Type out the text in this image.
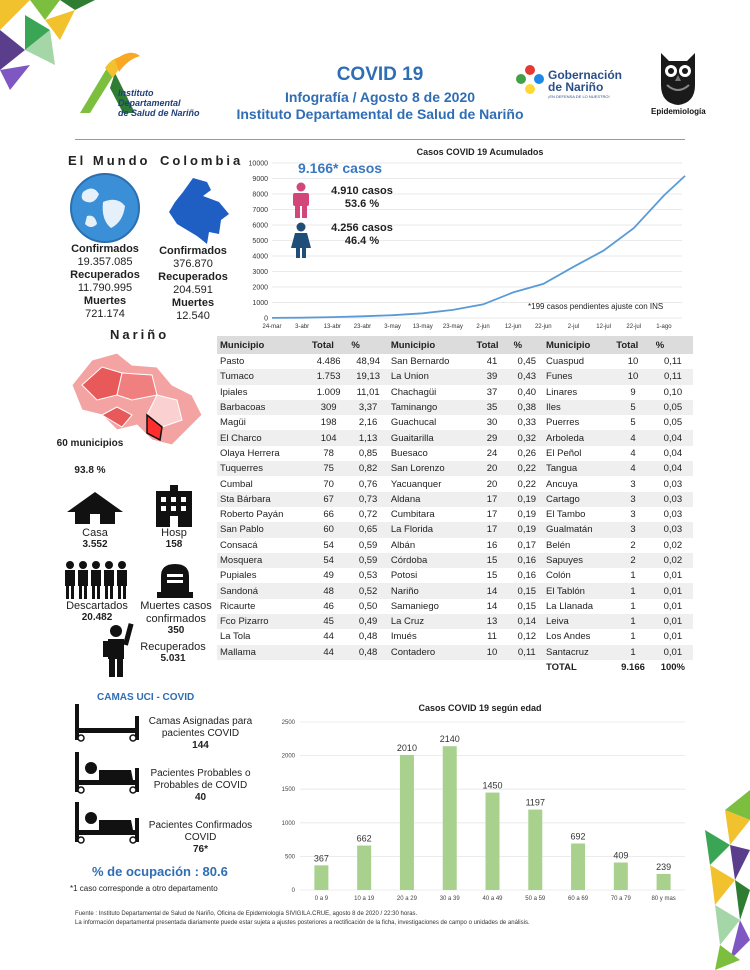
Instituto
Departamental
de Salud de Nariño
COVID 19
Infografía / Agosto 8 de 2020
Instituto Departamental de Salud de Nariño
Gobernación
de Nariño
¡EN DEFENSA DE LO NUESTRO!
Epidemiología
El Mundo Colombia
Confirmados
19.357.085
Recuperados
11.790.995
Muertes
721.174
Confirmados
376.870
Recuperados
204.591
Muertes
12.540
Casos COVID 19 Acumulados
0
1000
2000
3000
4000
5000
6000
7000
8000
9000
10000
24-mar 3-abr 13-abr 23-abr 3-may 13-may 23-may 2-jun	12-jun 22-jun	2-jul	12-jul	22-jul	1-ago
9.166* casos
4.910 casos
53.6 %
4.256 casos
46.4 %
*199 casos pendientes ajuste con INS
Nariño
60 municipios
93.8 %
Casa
3.552
Hosp
158
Descartados
20.482
Muertes casos confirmados
350
Recuperados
5.031
Municipio	Total	%	Municipio	Total	%	Municipio	Total	%
Pasto	4.486	48,94	San Bernardo	41	0,45	Cuaspud	10	0,11
Tumaco	1.753	19,13	La Union	39	0,43	Funes	10	0,11
Ipiales	1.009	11,01	Chachagüi	37	0,40	Linares	9	0,10
Barbacoas	309	3,37	Taminango	35	0,38	Iles	5	0,05
Magüi	198	2,16	Guachucal	30	0,33	Puerres	5	0,05
El Charco	104	1,13	Guaitarilla	29	0,32	Arboleda	4	0,04
Olaya Herrera	78	0,85	Buesaco	24	0,26	El Peñol	4	0,04
Tuquerres	75	0,82	San Lorenzo	20	0,22	Tangua	4	0,04
Cumbal	70	0,76	Yacuanquer	20	0,22	Ancuya	3	0,03
Sta Bárbara	67	0,73	Aldana	17	0,19	Cartago	3	0,03
Roberto Payán	66	0,72	Cumbitara	17	0,19	El Tambo	3	0,03
San Pablo	60	0,65	La Florida	17	0,19	Gualmatán	3	0,03
Consacá	54	0,59	Albán	16	0,17	Belén	2	0,02
Mosquera	54	0,59	Córdoba	15	0,16	Sapuyes	2	0,02
Pupiales	49	0,53	Potosi	15	0,16	Colón	1	0,01
Sandoná	48	0,52	Nariño	14	0,15	El Tablón	1	0,01
Ricaurte	46	0,50	Samaniego	14	0,15	La Llanada	1	0,01
Fco Pizarro	45	0,49	La Cruz	13	0,14	Leiva	1	0,01
La Tola	44	0,48	Imués	11	0,12	Los Andes	1	0,01
Mallama	44	0,48	Contadero	10	0,11	Santacruz	1	0,01
						TOTAL	9.166	100%
CAMAS UCI - COVID
Camas Asignadas para pacientes COVID
144
Pacientes Probables o Probables de COVID
40
Pacientes Confirmados COVID
76*
% de ocupación : 80.6
*1 caso corresponde a otro departamento
Casos COVID 19 según edad
0
500
1000
1500
2000
2500
367
0 a 9
662
10 a 19
2010
20 a 29
2140
30 a 39
1450
40 a 49
1197
50 a 59
692
60 a 69
409
70 a 79
239
80 y mas
Fuente : Instituto Departamental de Salud de Nariño, Oficina de Epidemiología SIVIGILA.CRUE, agosto 8 de 2020 / 22:30 horas.
La información departamental presentada diariamente puede estar sujeta a ajustes posteriores a rectificación de la ficha, investigaciones de campo o unidades de análisis.
